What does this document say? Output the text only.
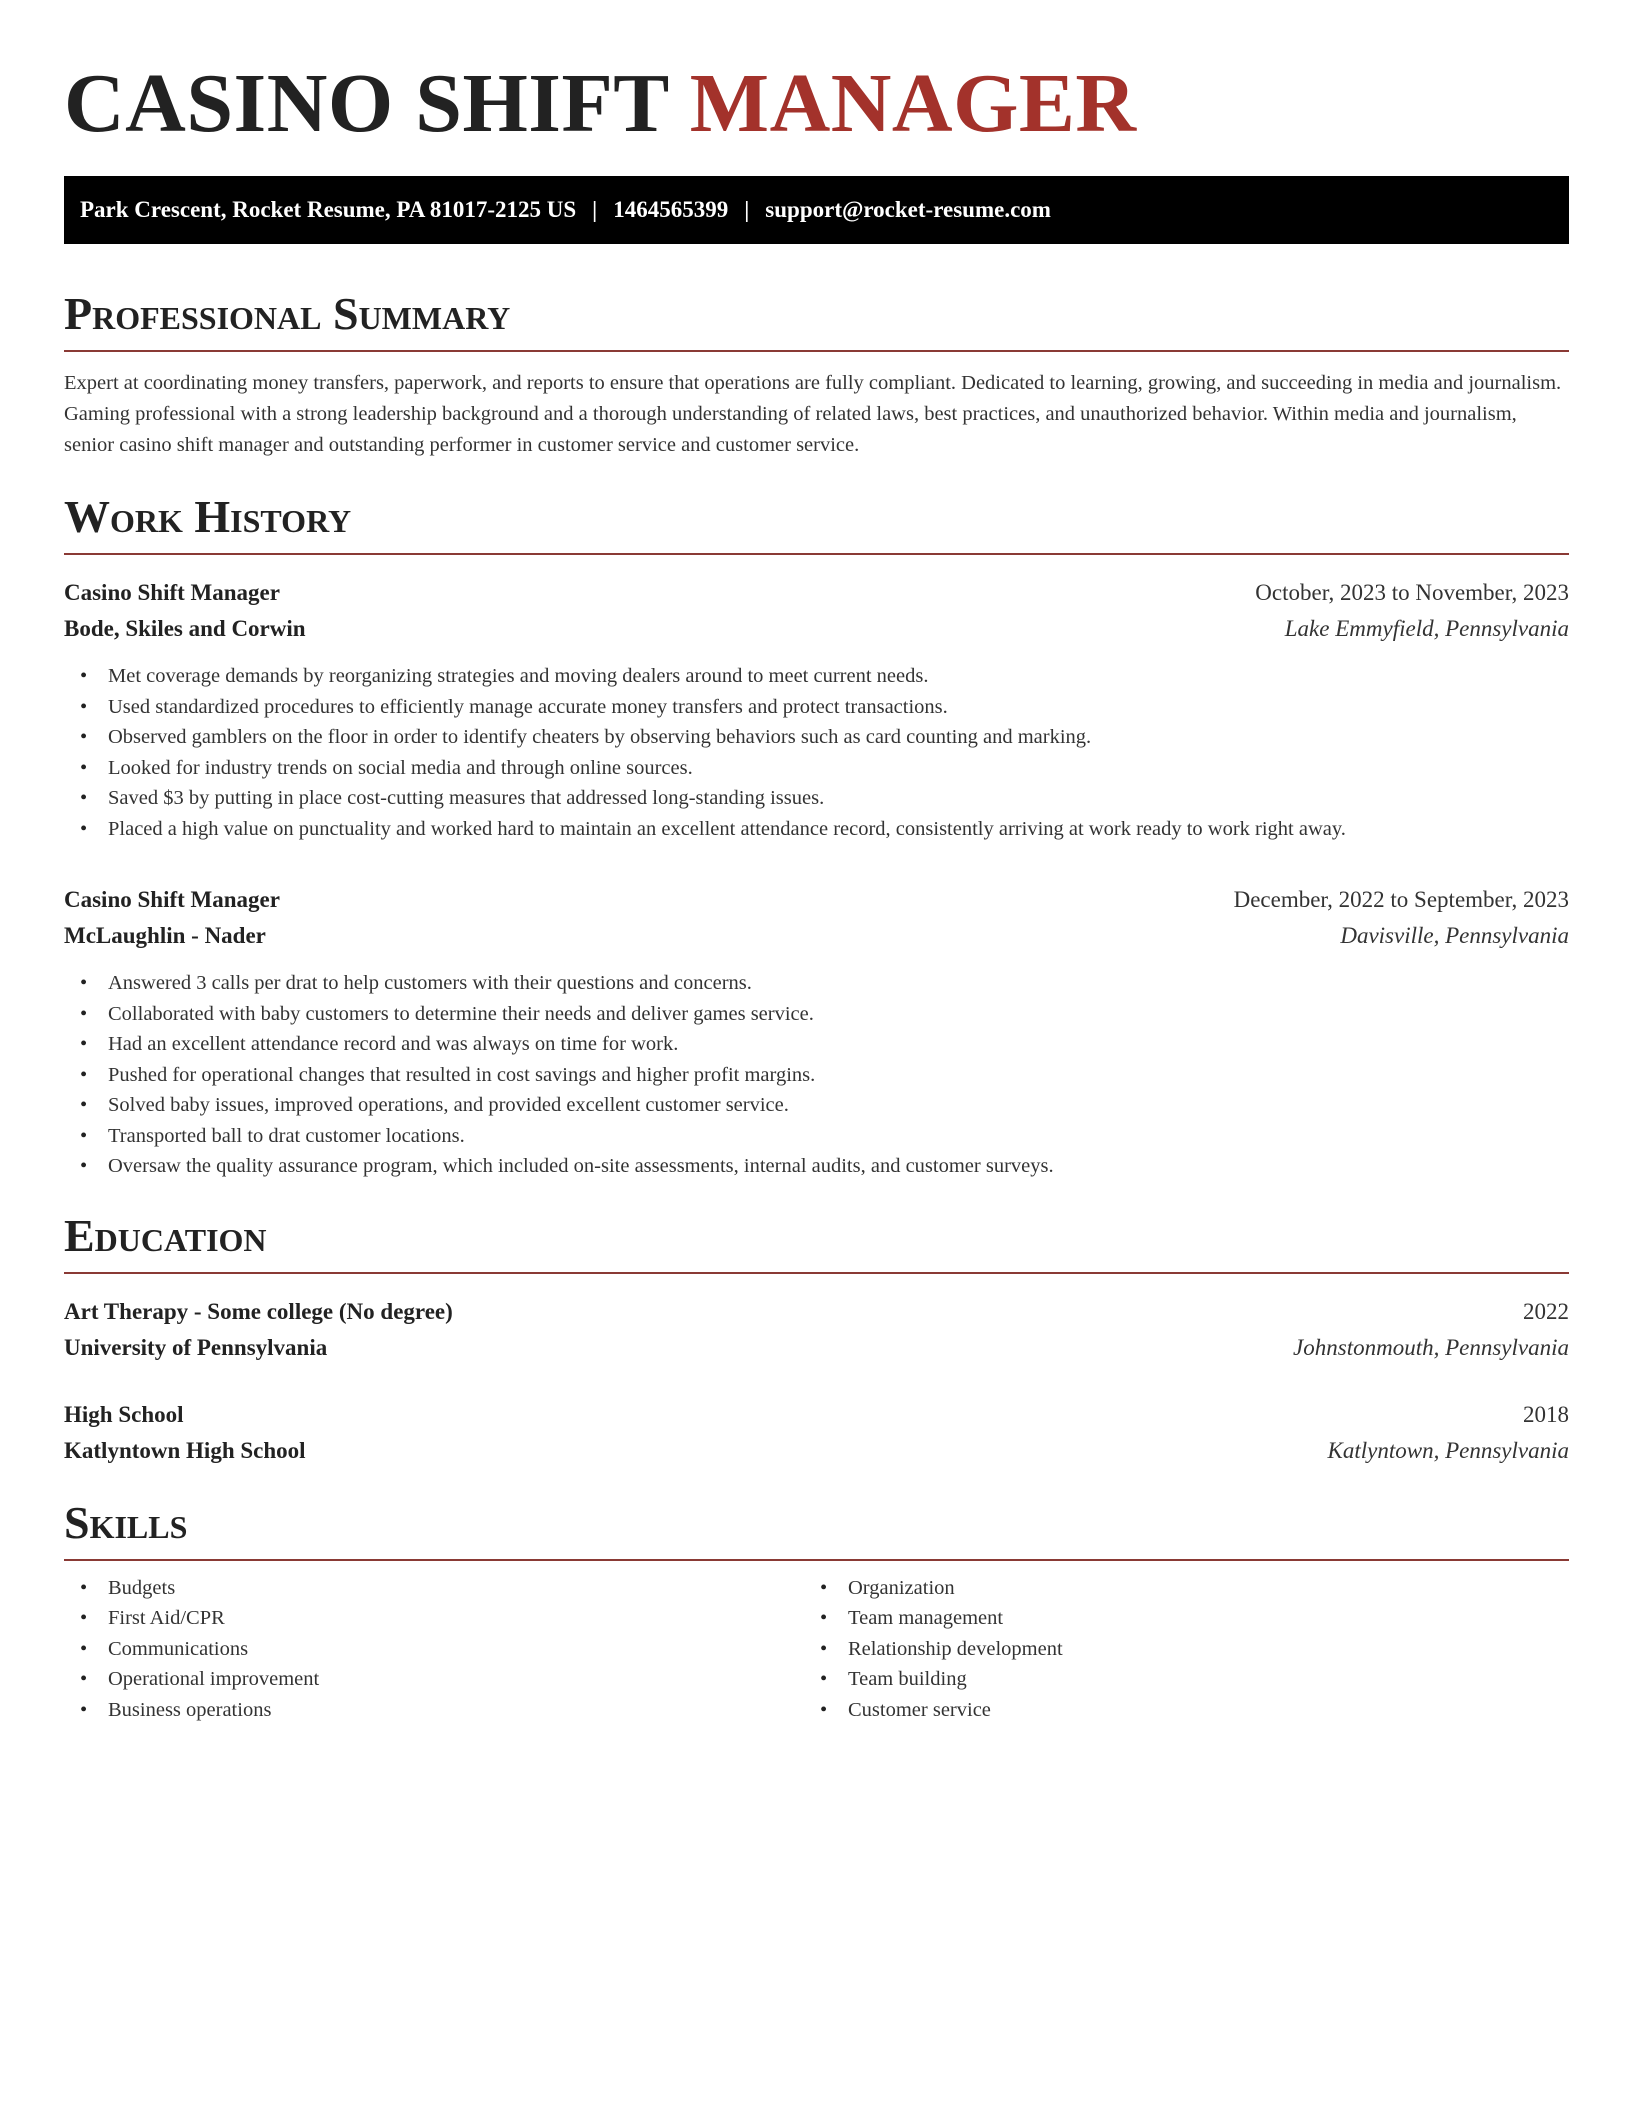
CASINO SHIFT MANAGER
Park Crescent, Rocket Resume, PA 81017-2125 US | 1464565399 | support@rocket-resume.com
Professional Summary

Expert at coordinating money transfers, paperwork, and reports to ensure that operations are fully compliant. Dedicated to learning, growing, and succeeding in media and journalism. Gaming professional with a strong leadership background and a thorough understanding of related laws, best practices, and unauthorized behavior. Within media and journalism, senior casino shift manager and outstanding performer in customer service and customer service.

Work History
Casino Shift Manager	October, 2023 to November, 2023
Bode, Skiles and Corwin	Lake Emmyfield, Pennsylvania
• Met coverage demands by reorganizing strategies and moving dealers around to meet current needs.
• Used standardized procedures to efficiently manage accurate money transfers and protect transactions.
• Observed gamblers on the floor in order to identify cheaters by observing behaviors such as card counting and marking.
• Looked for industry trends on social media and through online sources.
• Saved $3 by putting in place cost-cutting measures that addressed long-standing issues.
• Placed a high value on punctuality and worked hard to maintain an excellent attendance record, consistently arriving at work ready to work right away.
Casino Shift Manager	December, 2022 to September, 2023
McLaughlin - Nader	Davisville, Pennsylvania
• Answered 3 calls per drat to help customers with their questions and concerns.
• Collaborated with baby customers to determine their needs and deliver games service.
• Had an excellent attendance record and was always on time for work.
• Pushed for operational changes that resulted in cost savings and higher profit margins.
• Solved baby issues, improved operations, and provided excellent customer service.
• Transported ball to drat customer locations.
• Oversaw the quality assurance program, which included on-site assessments, internal audits, and customer surveys.
Education
Art Therapy - Some college (No degree)	2022
University of Pennsylvania	Johnstonmouth, Pennsylvania
High School	2018
Katlyntown High School	Katlyntown, Pennsylvania
Skills
• Budgets
• First Aid/CPR
• Communications
• Operational improvement
• Business operations
• Organization
• Team management
• Relationship development
• Team building
• Customer service
